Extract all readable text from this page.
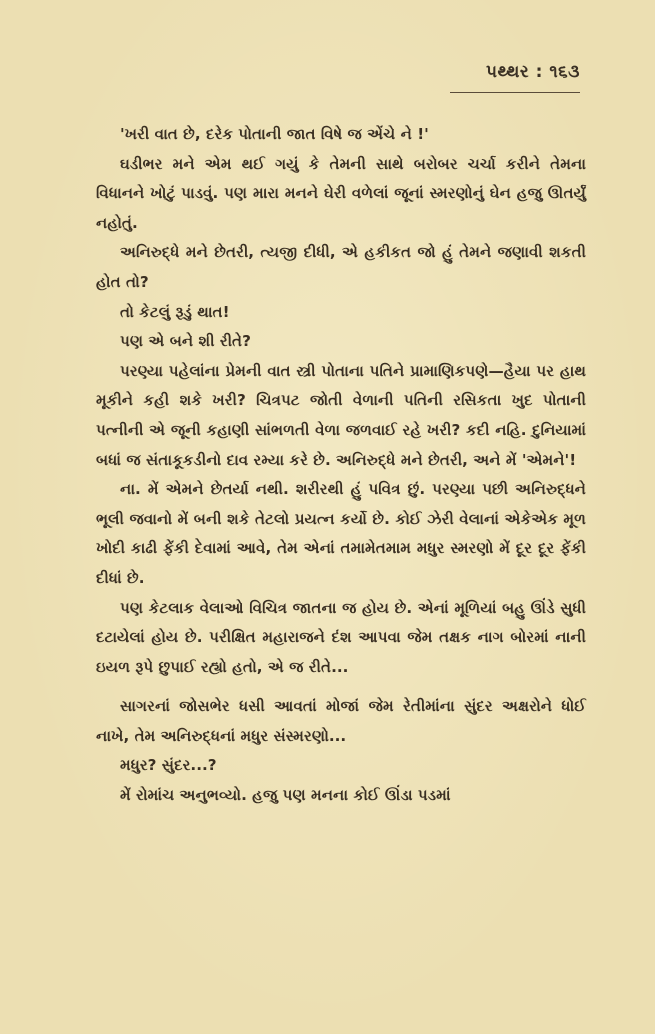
પથ્થર : ૧૬૩

'ખરી વાત છે, દરેક પોતાની જાત વિષે જ એંચે ને !'

ઘડીભર મને એમ થઈ ગયું કે તેમની સાથે બરોબર ચર્ચા કરીને તેમના વિધાનને ખોટું પાડવું. પણ મારા મનને ઘેરી વળેલાં જૂનાં સ્મરણોનું ઘેન હજુ ઊતર્યું નહોતું.

અનિરુદ્ધે મને છેતરી, ત્યજી દીધી, એ હકીકત જો હું તેમને જણાવી શકતી હોત તો?

તો કેટલું રૂડું થાત!

પણ એ બને શી રીતે?

પરણ્યા પહેલાંના પ્રેમની વાત સ્ત્રી પોતાના પતિને પ્રામાણિકપણે—હૈયા પર હાથ મૂકીને કહી શકે ખરી? ચિત્રપટ જોતી વેળાની પતિની રસિકતા ખુદ પોતાની પત્નીની એ જૂની કહાણી સાંભળતી વેળા જળવાઈ રહે ખરી? કદી નહિ. દુનિયામાં બધાં જ સંતાકૂકડીનો દાવ રમ્યા કરે છે. અનિરુદ્ધે મને છેતરી, અને મેં 'એમને'!

ના. મેં એમને છેતર્યા નથી. શરીરથી હું પવિત્ર છું. પરણ્યા પછી અનિરુદ્ધને ભૂલી જવાનો મેં બની શકે તેટલો પ્રયત્ન કર્યો છે. કોઈ ઝેરી વેલાનાં એકેએક મૂળ ખોદી કાઢી ફેંકી દેવામાં આવે, તેમ એનાં તમામેતમામ મધુર સ્મરણો મેં દૂર દૂર ફેંકી દીધાં છે.

પણ કેટલાક વેલાઓ વિચિત્ર જાતના જ હોય છે. એનાં મૂળિયાં બહુ ઊંડે સુધી દટાયેલાં હોય છે. પરીક્ષિત મહારાજને દંશ આપવા જેમ તક્ષક નાગ બોરમાં નાની ઇયળ રૂપે છુપાઈ રહ્યો હતો, એ જ રીતે...

સાગરનાં જોસભેર ધસી આવતાં મોજાં જેમ રેતીમાંના સુંદર અક્ષરોને ધોઈ નાખે, તેમ અનિરુદ્ધનાં મધુર સંસ્મરણો...

મધુર? સુંદર...?

મેં રોમાંચ અનુભવ્યો. હજુ પણ મનના કોઈ ઊંડા પડમાં
